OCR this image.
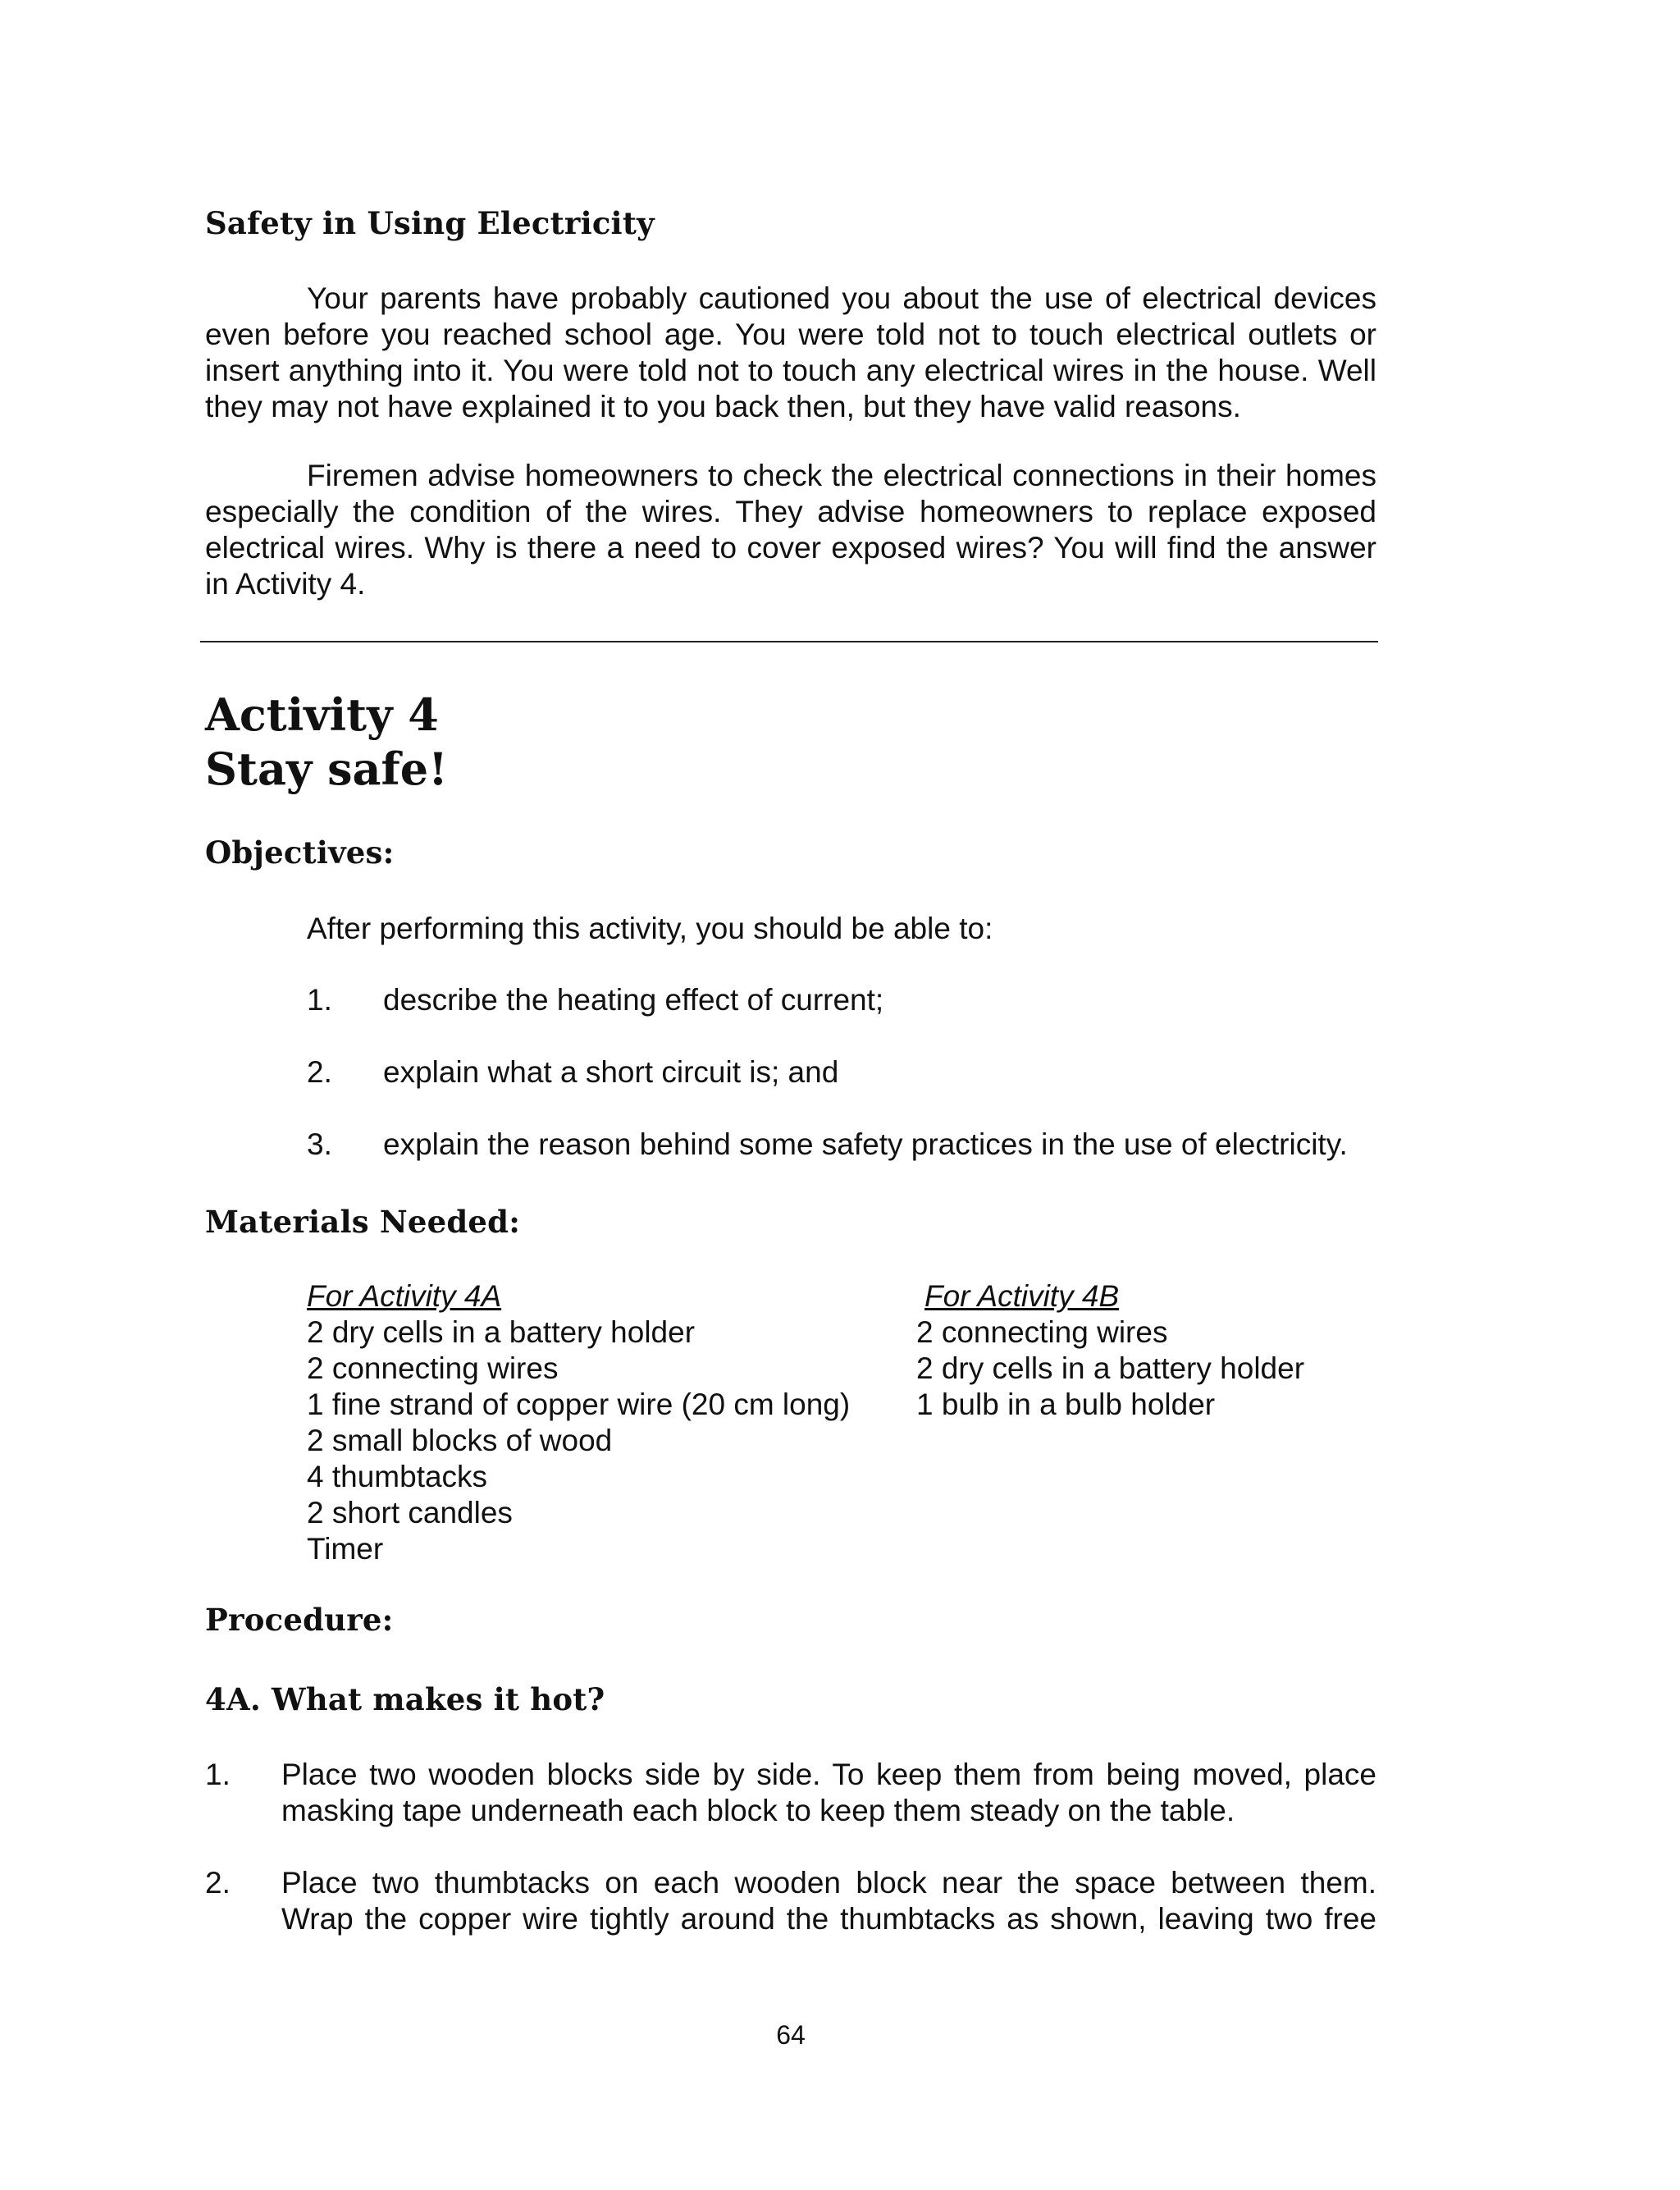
Safety in Using Electricity
Your parents have probably cautioned you about the use of electrical devices even before you reached school age. You were told not to touch electrical outlets or insert anything into it. You were told not to touch any electrical wires in the house. Well they may not have explained it to you back then, but they have valid reasons.
Firemen advise homeowners to check the electrical connections in their homes especially the condition of the wires. They advise homeowners to replace exposed electrical wires. Why is there a need to cover exposed wires? You will find the answer in Activity 4.
Activity 4
Stay safe!
Objectives:
After performing this activity, you should be able to:
1.	describe the heating effect of current;
2.	explain what a short circuit is; and
3.	explain the reason behind some safety practices in the use of electricity.
Materials Needed:
For Activity 4A
2 dry cells in a battery holder
2 connecting wires
1 fine strand of copper wire (20 cm long)
2 small blocks of wood
4 thumbtacks
2 short candles
Timer
For Activity 4B
2 connecting wires
2 dry cells in a battery holder
1 bulb in a bulb holder
Procedure:
4A. What makes it hot?
1.	Place two wooden blocks side by side. To keep them from being moved, place masking tape underneath each block to keep them steady on the table.
2.	Place two thumbtacks on each wooden block near the space between them. Wrap the copper wire tightly around the thumbtacks as shown, leaving two free
64
